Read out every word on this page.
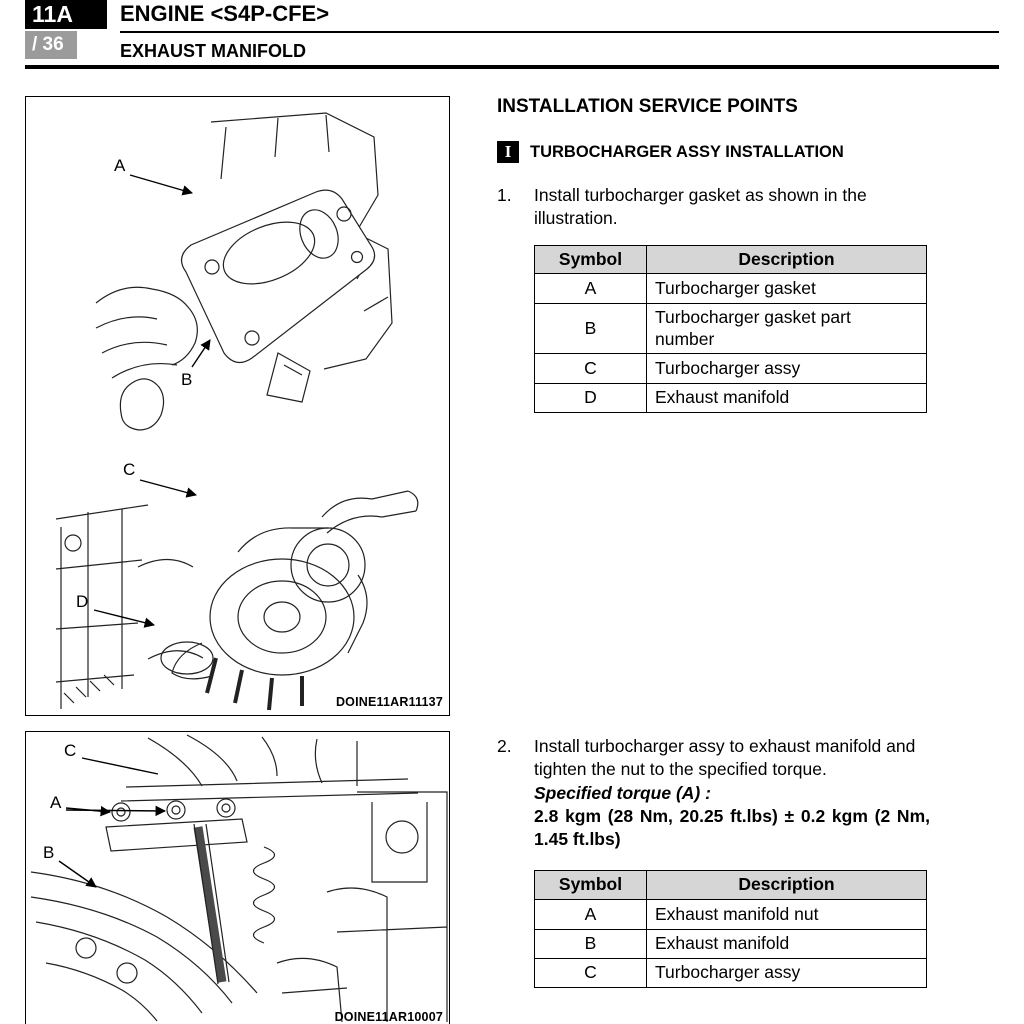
11A
/ 36
ENGINE <S4P-CFE>
EXHAUST MANIFOLD
A
B
C
D
DOINE11AR11137
C
A
B
DOINE11AR10007
INSTALLATION SERVICE POINTS
I	TURBOCHARGER ASSY INSTALLATION
1.	Install turbocharger gasket as shown in the illustration.
Symbol	Description
A	Turbocharger gasket
B	Turbocharger gasket part number
C	Turbocharger assy
D	Exhaust manifold
2.	Install turbocharger assy to exhaust manifold and tighten the nut to the specified torque.
Specified torque (A) :
2.8 kgm (28 Nm, 20.25 ft.lbs) ± 0.2 kgm (2 Nm, 1.45 ft.lbs)
Symbol	Description
A	Exhaust manifold nut
B	Exhaust manifold
C	Turbocharger assy
